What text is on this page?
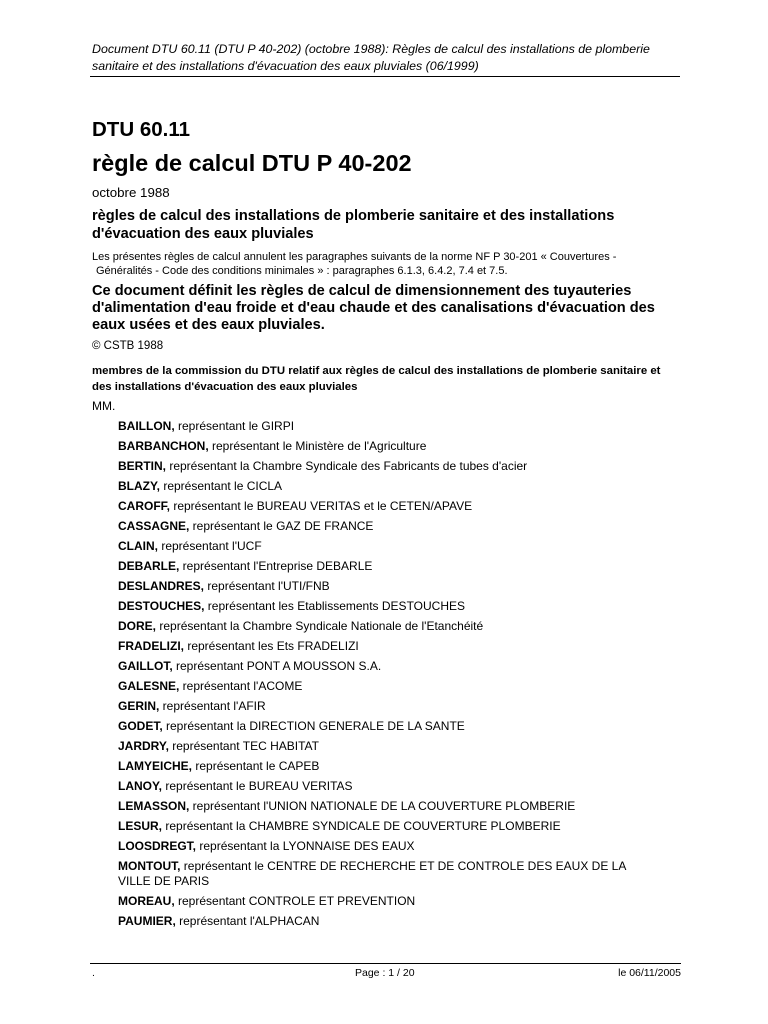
Document DTU 60.11 (DTU P 40-202) (octobre 1988): Règles de calcul des installations de plomberie
sanitaire et des installations d'évacuation des eaux pluviales (06/1999)
DTU 60.11
règle de calcul DTU P 40-202

octobre 1988

règles de calcul des installations de plomberie sanitaire et des installations d'évacuation des eaux pluviales

Les présentes règles de calcul annulent les paragraphes suivants de la norme NF P 30-201 « Couvertures -
Généralités - Code des conditions minimales » : paragraphes 6.1.3, 6.4.2, 7.4 et 7.5.

Ce document définit les règles de calcul de dimensionnement des tuyauteries d'alimentation d'eau froide et d'eau chaude et des canalisations d'évacuation des eaux usées et des eaux pluviales.

© CSTB 1988

membres de la commission du DTU relatif aux règles de calcul des installations de plomberie sanitaire et des installations d'évacuation des eaux pluviales

MM.

BAILLON, représentant le GIRPI
BARBANCHON, représentant le Ministère de l'Agriculture
BERTIN, représentant la Chambre Syndicale des Fabricants de tubes d'acier
BLAZY, représentant le CICLA
CAROFF, représentant le BUREAU VERITAS et le CETEN/APAVE
CASSAGNE, représentant le GAZ DE FRANCE
CLAIN, représentant l'UCF
DEBARLE, représentant l'Entreprise DEBARLE
DESLANDRES, représentant l'UTI/FNB
DESTOUCHES, représentant les Etablissements DESTOUCHES
DORE, représentant la Chambre Syndicale Nationale de l'Etanchéité
FRADELIZI, représentant les Ets FRADELIZI
GAILLOT, représentant PONT A MOUSSON S.A.
GALESNE, représentant l'ACOME
GERIN, représentant l'AFIR
GODET, représentant la DIRECTION GENERALE DE LA SANTE
JARDRY, représentant TEC HABITAT
LAMYEICHE, représentant le CAPEB
LANOY, représentant le BUREAU VERITAS
LEMASSON, représentant l'UNION NATIONALE DE LA COUVERTURE PLOMBERIE
LESUR, représentant la CHAMBRE SYNDICALE DE COUVERTURE PLOMBERIE
LOOSDREGT, représentant la LYONNAISE DES EAUX
MONTOUT, représentant le CENTRE DE RECHERCHE ET DE CONTROLE DES EAUX DE LA VILLE DE PARIS
MOREAU, représentant CONTROLE ET PREVENTION
PAUMIER, représentant l'ALPHACAN
.	Page : 1 / 20	le 06/11/2005
